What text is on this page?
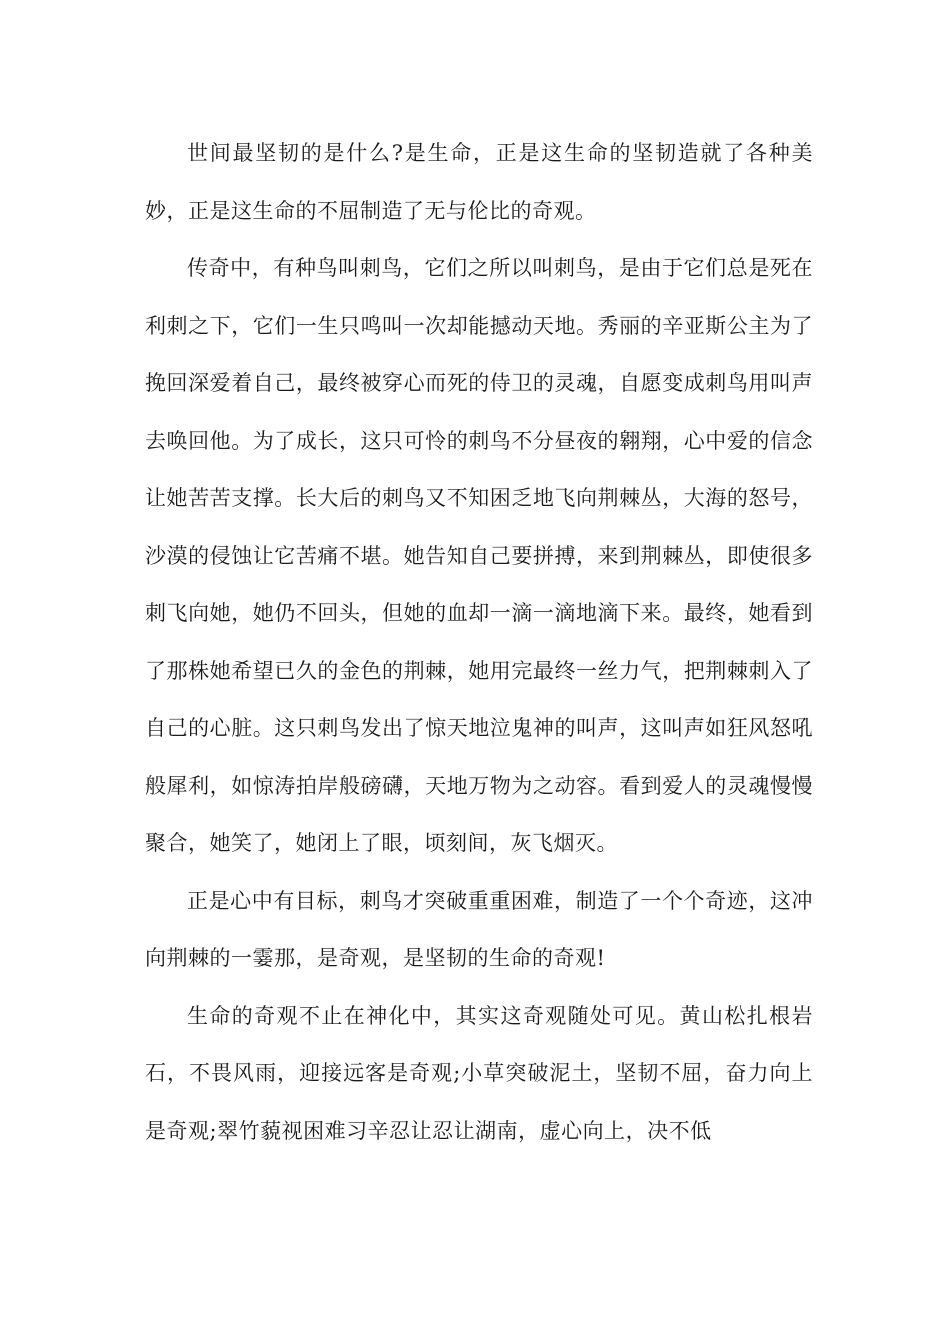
世间最坚韧的是什么?是生命，正是这生命的坚韧造就了各种美妙，正是这生命的不屈制造了无与伦比的奇观。

传奇中，有种鸟叫刺鸟，它们之所以叫刺鸟，是由于它们总是死在利刺之下，它们一生只鸣叫一次却能撼动天地。秀丽的辛亚斯公主为了挽回深爱着自己，最终被穿心而死的侍卫的灵魂，自愿变成刺鸟用叫声去唤回他。为了成长，这只可怜的刺鸟不分昼夜的翱翔，心中爱的信念让她苦苦支撑。长大后的刺鸟又不知困乏地飞向荆棘丛，大海的怒号，沙漠的侵蚀让它苦痛不堪。她告知自己要拼搏，来到荆棘丛，即使很多刺飞向她，她仍不回头，但她的血却一滴一滴地滴下来。最终，她看到了那株她希望已久的金色的荆棘，她用完最终一丝力气，把荆棘刺入了自己的心脏。这只刺鸟发出了惊天地泣鬼神的叫声，这叫声如狂风怒吼般犀利，如惊涛拍岸般磅礴，天地万物为之动容。看到爱人的灵魂慢慢聚合，她笑了，她闭上了眼，顷刻间，灰飞烟灭。

正是心中有目标，刺鸟才突破重重困难，制造了一个个奇迹，这冲向荆棘的一霎那，是奇观，是坚韧的生命的奇观!

生命的奇观不止在神化中，其实这奇观随处可见。黄山松扎根岩石，不畏风雨，迎接远客是奇观;小草突破泥土，坚韧不屈，奋力向上是奇观;翠竹藐视困难习辛忍让忍让湖南，虚心向上，决不低
